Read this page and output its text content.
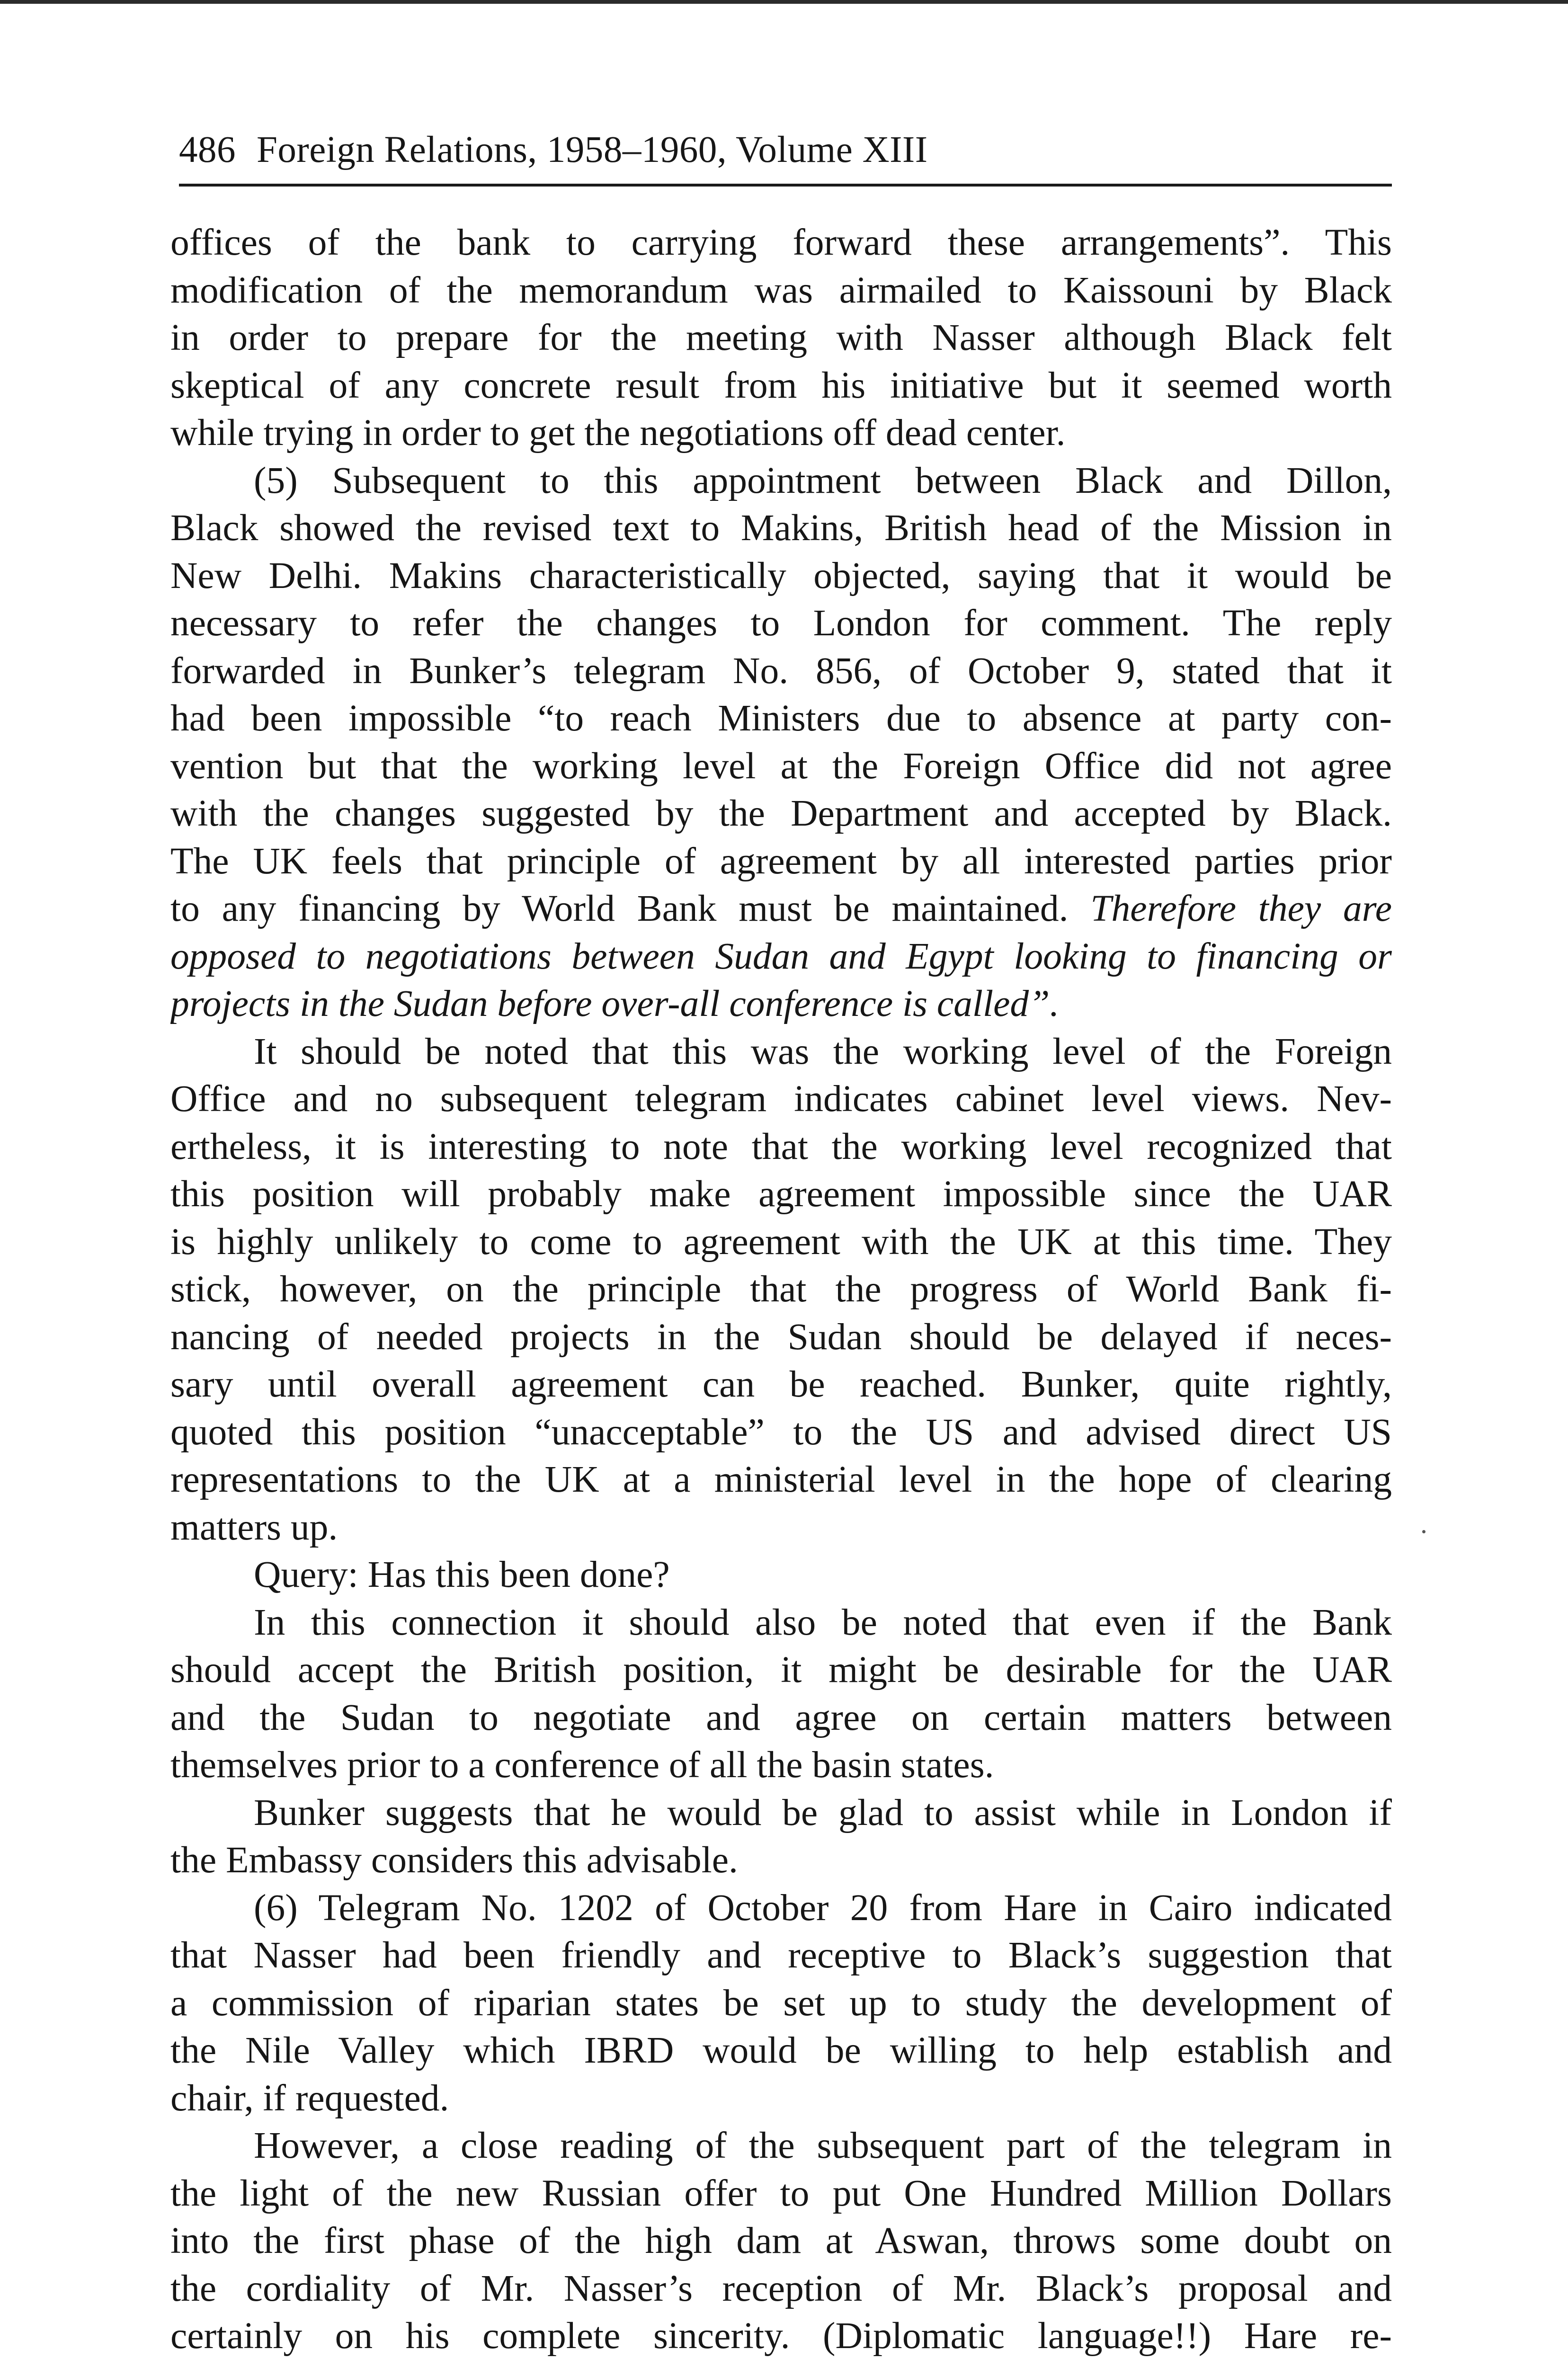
486 Foreign Relations, 1958–1960, Volume XIII
offices of the bank to carrying forward these arrangements”. This
modification of the memorandum was airmailed to Kaissouni by Black
in order to prepare for the meeting with Nasser although Black felt
skeptical of any concrete result from his initiative but it seemed worth
while trying in order to get the negotiations off dead center.
(5) Subsequent to this appointment between Black and Dillon,
Black showed the revised text to Makins, British head of the Mission in
New Delhi. Makins characteristically objected, saying that it would be
necessary to refer the changes to London for comment. The reply
forwarded in Bunker’s telegram No. 856, of October 9, stated that it
had been impossible “to reach Ministers due to absence at party con-
vention but that the working level at the Foreign Office did not agree
with the changes suggested by the Department and accepted by Black.
The UK feels that principle of agreement by all interested parties prior
to any financing by World Bank must be maintained. Therefore they are
opposed to negotiations between Sudan and Egypt looking to financing or
projects in the Sudan before over-all conference is called”.
It should be noted that this was the working level of the Foreign
Office and no subsequent telegram indicates cabinet level views. Nev-
ertheless, it is interesting to note that the working level recognized that
this position will probably make agreement impossible since the UAR
is highly unlikely to come to agreement with the UK at this time. They
stick, however, on the principle that the progress of World Bank fi-
nancing of needed projects in the Sudan should be delayed if neces-
sary until overall agreement can be reached. Bunker, quite rightly,
quoted this position “unacceptable” to the US and advised direct US
representations to the UK at a ministerial level in the hope of clearing
matters up.
Query: Has this been done?
In this connection it should also be noted that even if the Bank
should accept the British position, it might be desirable for the UAR
and the Sudan to negotiate and agree on certain matters between
themselves prior to a conference of all the basin states.
Bunker suggests that he would be glad to assist while in London if
the Embassy considers this advisable.
(6) Telegram No. 1202 of October 20 from Hare in Cairo indicated
that Nasser had been friendly and receptive to Black’s suggestion that
a commission of riparian states be set up to study the development of
the Nile Valley which IBRD would be willing to help establish and
chair, if requested.
However, a close reading of the subsequent part of the telegram in
the light of the new Russian offer to put One Hundred Million Dollars
into the first phase of the high dam at Aswan, throws some doubt on
the cordiality of Mr. Nasser’s reception of Mr. Black’s proposal and
certainly on his complete sincerity. (Diplomatic language!!) Hare re-
